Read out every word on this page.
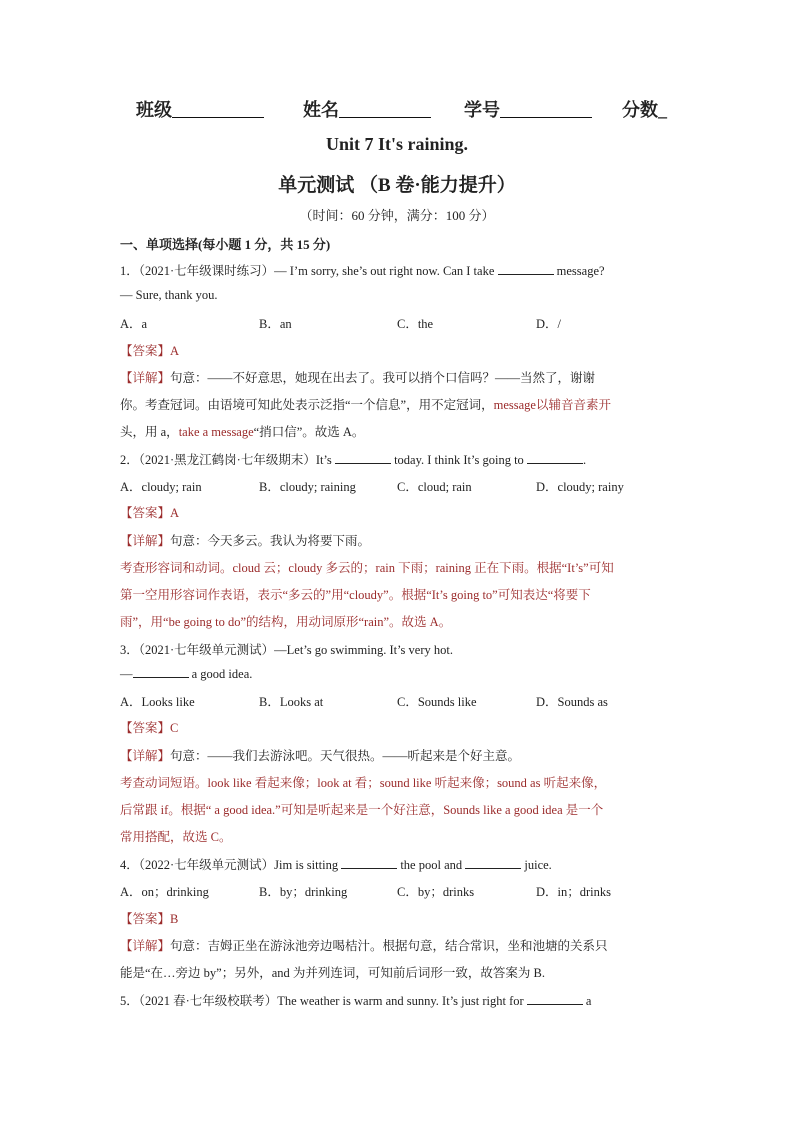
班级	姓名	学号	分数_
Unit 7 It's raining.
单元测试 （B 卷·能力提升）
（时间：60 分钟，满分：100 分）
一、单项选择(每小题 1 分，共 15 分)
1．（2021·七年级课时练习）— I’m sorry, she’s out right now. Can I take	message?
— Sure, thank you.
A．a	B．an	C．the	D．/
【答案】A
【详解】句意：——不好意思，她现在出去了。我可以捎个口信吗？——当然了，谢谢
你。考查冠词。由语境可知此处表示泛指“一个信息”，用不定冠词，message以辅音音素开
头，用 a，take a message“捎口信”。故选 A。
2．（2021·黑龙江鹤岗·七年级期末）It’s	today. I think It’s going to	.
A．cloudy; rain	B．cloudy; raining	C．cloud; rain	D．cloudy; rainy
【答案】A
【详解】句意：今天多云。我认为将要下雨。
考查形容词和动词。cloud 云；cloudy 多云的；rain 下雨；raining 正在下雨。根据“It’s”可知
第一空用形容词作表语，表示“多云的”用“cloudy”。根据“It’s going to”可知表达“将要下
雨”，用“be going to do”的结构，用动词原形“rain”。故选 A。
3．（2021·七年级单元测试）—Let’s go swimming. It’s very hot.
—	a good idea.
A．Looks like	B．Looks at	C．Sounds like	D．Sounds as
【答案】C
【详解】句意：——我们去游泳吧。天气很热。——听起来是个好主意。
考查动词短语。look like 看起来像；look at 看；sound like 听起来像；sound as 听起来像，
后常跟 if。根据“ a good idea.”可知是听起来是一个好注意，Sounds like a good idea 是一个
常用搭配，故选 C。
4．（2022·七年级单元测试）Jim is sitting	the pool and	juice.
A．on；drinking	B．by；drinking	C．by；drinks	D．in；drinks
【答案】B
【详解】句意：吉姆正坐在游泳池旁边喝桔汁。根据句意，结合常识，坐和池塘的关系只
能是“在…旁边 by”；另外，and 为并列连词，可知前后词形一致，故答案为 B.
5．（2021 春·七年级校联考）The weather is warm and sunny. It’s just right for	a
